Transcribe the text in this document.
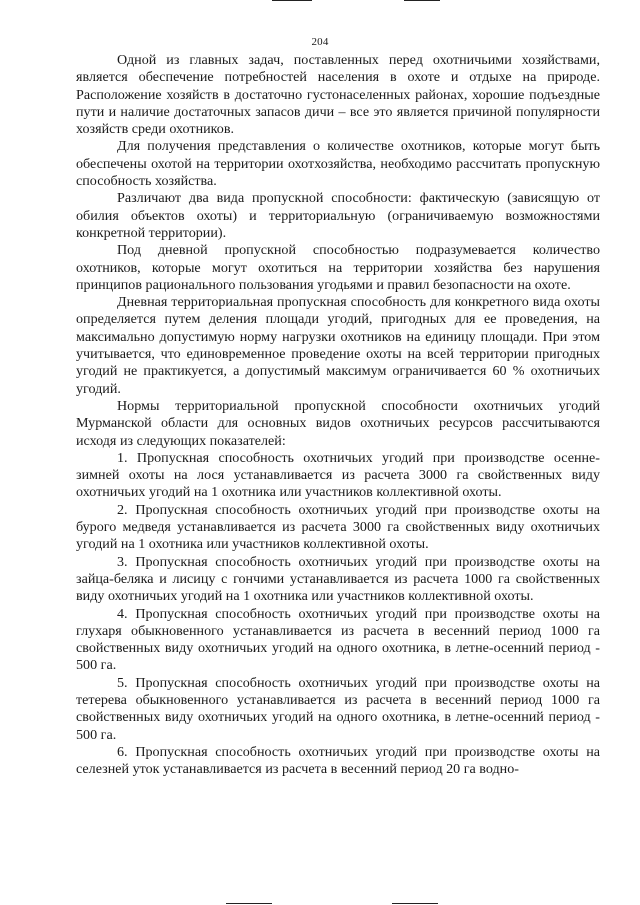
204

Одной из главных задач, поставленных перед охотничьими хозяйствами, является обеспечение потребностей населения в охоте и отдыхе на природе. Расположение хозяйств в достаточно густонаселенных районах, хорошие подъездные пути и наличие достаточных запасов дичи – все это является причиной популярности хозяйств среди охотников.

Для получения представления о количестве охотников, которые могут быть обеспечены охотой на территории охотхозяйства, необходимо рассчитать пропускную способность хозяйства.

Различают два вида пропускной способности: фактическую (зависящую от обилия объектов охоты) и территориальную (ограничиваемую возможностями конкретной территории).

Под дневной пропускной способностью подразумевается количество охотников, которые могут охотиться на территории хозяйства без нарушения принципов рационального пользования угодьями и правил безопасности на охоте.

Дневная территориальная пропускная способность для конкретного вида охоты определяется путем деления площади угодий, пригодных для ее проведения, на максимально допустимую норму нагрузки охотников на единицу площади. При этом учитывается, что единовременное проведение охоты на всей территории пригодных угодий не практикуется, а допустимый максимум ограничивается 60 % охотничьих угодий.

Нормы территориальной пропускной способности охотничьих угодий Мурманской области для основных видов охотничьих ресурсов рассчитываются исходя из следующих показателей:

1. Пропускная способность охотничьих угодий при производстве осенне-зимней охоты на лося устанавливается из расчета 3000 га свойственных виду охотничьих угодий на 1 охотника или участников коллективной охоты.

2. Пропускная способность охотничьих угодий при производстве охоты на бурого медведя устанавливается из расчета 3000 га свойственных виду охотничьих угодий на 1 охотника или участников коллективной охоты.

3. Пропускная способность охотничьих угодий при производстве охоты на зайца-беляка и лисицу с гончими устанавливается из расчета 1000 га свойственных виду охотничьих угодий на 1 охотника или участников коллективной охоты.

4. Пропускная способность охотничьих угодий при производстве охоты на глухаря обыкновенного устанавливается из расчета в весенний период 1000 га свойственных виду охотничьих угодий на одного охотника, в летне-осенний период - 500 га.

5. Пропускная способность охотничьих угодий при производстве охоты на тетерева обыкновенного устанавливается из расчета в весенний период 1000 га свойственных виду охотничьих угодий на одного охотника, в летне-осенний период - 500 га.

6. Пропускная способность охотничьих угодий при производстве охоты на селезней уток устанавливается из расчета в весенний период 20 га водно-
